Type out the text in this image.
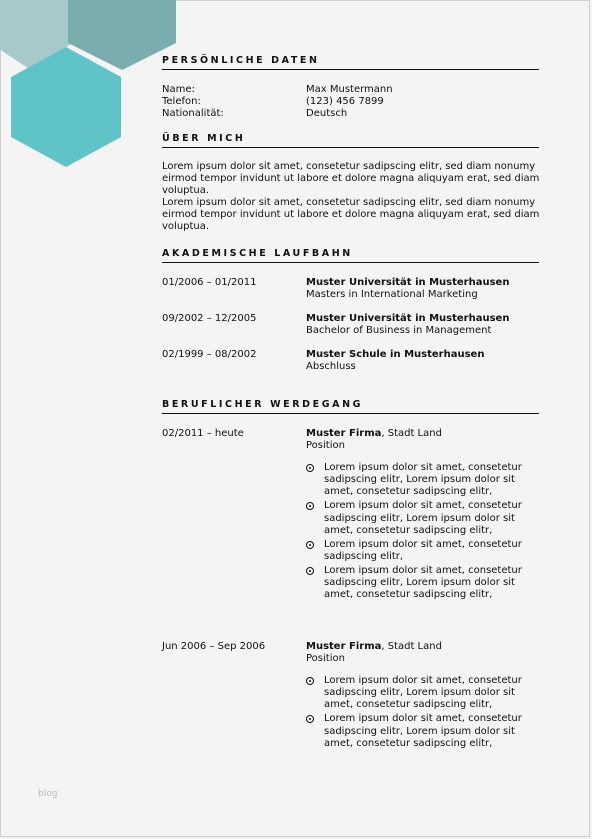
PERSÖNLICHE DATEN
Name:	Max Mustermann
Telefon:	(123) 456 7899
Nationalität:	Deutsch
ÜBER MICH
Lorem ipsum dolor sit amet, consetetur sadipscing elitr, sed diam nonumy eirmod tempor invidunt ut labore et dolore magna aliquyam erat, sed diam voluptua.
Lorem ipsum dolor sit amet, consetetur sadipscing elitr, sed diam nonumy eirmod tempor invidunt ut labore et dolore magna aliquyam erat, sed diam voluptua.
AKADEMISCHE LAUFBAHN
01/2006 – 01/2011	Muster Universität in Musterhausen
Masters in International Marketing
09/2002 – 12/2005	Muster Universität in Musterhausen
Bachelor of Business in Management
02/1999 – 08/2002	Muster Schule in Musterhausen
Abschluss
BERUFLICHER WERDEGANG
02/2011 – heute	Muster Firma, Stadt Land
Position
Lorem ipsum dolor sit amet, consetetur sadipscing elitr, Lorem ipsum dolor sit amet, consetetur sadipscing elitr,
Lorem ipsum dolor sit amet, consetetur sadipscing elitr, Lorem ipsum dolor sit amet, consetetur sadipscing elitr,
Lorem ipsum dolor sit amet, consetetur sadipscing elitr,
Lorem ipsum dolor sit amet, consetetur sadipscing elitr, Lorem ipsum dolor sit amet, consetetur sadipscing elitr,
Jun 2006 – Sep 2006	Muster Firma, Stadt Land
Position
Lorem ipsum dolor sit amet, consetetur sadipscing elitr, Lorem ipsum dolor sit amet, consetetur sadipscing elitr,
Lorem ipsum dolor sit amet, consetetur sadipscing elitr, Lorem ipsum dolor sit amet, consetetur sadipscing elitr,
blog
